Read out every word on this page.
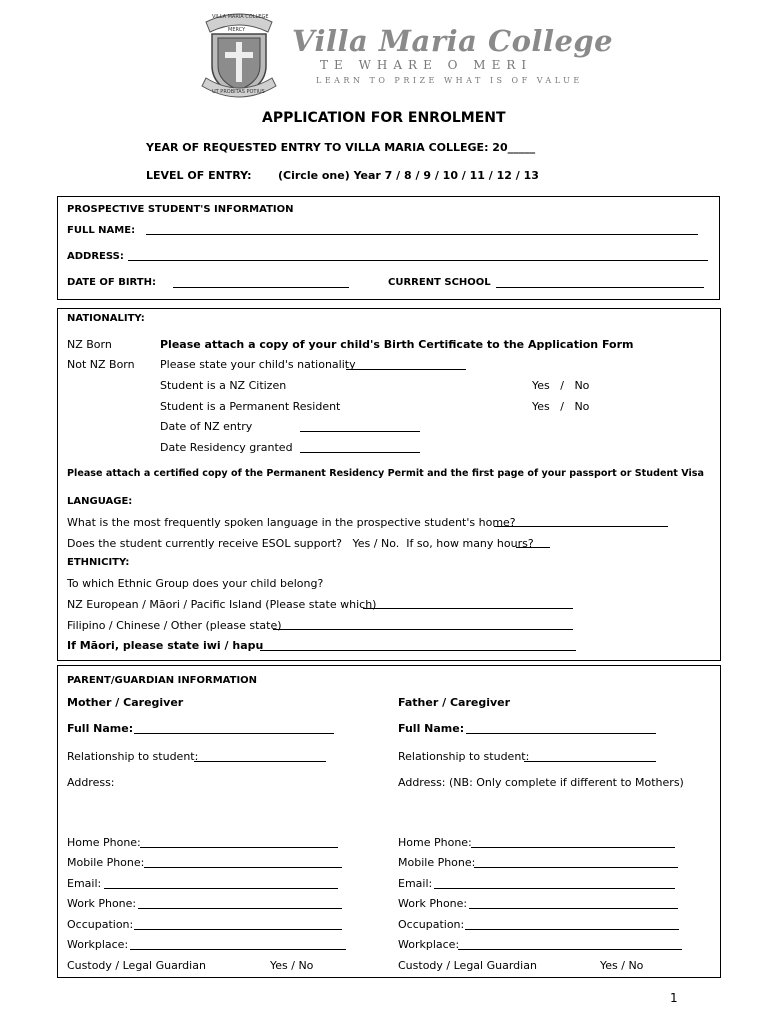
VILLA MARIA COLLEGE
MERCY
UT PROBITAS POTIUS
Villa Maria College
TE WHARE O MERI
LEARN TO PRIZE WHAT IS OF VALUE
APPLICATION FOR ENROLMENT
YEAR OF REQUESTED ENTRY TO VILLA MARIA COLLEGE: 20_____
LEVEL OF ENTRY: (Circle one) Year 7 / 8 / 9 / 10 / 11 / 12 / 13
PROSPECTIVE STUDENT'S INFORMATION
FULL NAME:
ADDRESS:
DATE OF BIRTH:	CURRENT SCHOOL
NATIONALITY:
NZ Born	Please attach a copy of your child's Birth Certificate to the Application Form
Not NZ Born Please state your child's nationality
Student is a NZ Citizen	Yes   /   No
Student is a Permanent Resident	Yes   /   No
Date of NZ entry
Date Residency granted
Please attach a certified copy of the Permanent Residency Permit and the first page of your passport or Student Visa
LANGUAGE:
What is the most frequently spoken language in the prospective student's home?
Does the student currently receive ESOL support?   Yes / No.  If so, how many hours?
ETHNICITY:
To which Ethnic Group does your child belong?
NZ European / Māori / Pacific Island (Please state which)
Filipino / Chinese / Other (please state)
If Māori, please state iwi / hapu
PARENT/GUARDIAN INFORMATION
Mother / Caregiver	Father / Caregiver
Full Name:	Full Name:
Relationship to student:	Relationship to student:
Address:	Address: (NB: Only complete if different to Mothers)
Home Phone:	Home Phone:
Mobile Phone:	Mobile Phone:
Email:	Email:
Work Phone:	Work Phone:
Occupation:	Occupation:
Workplace:	Workplace:
Custody / Legal Guardian	Yes / No	Custody / Legal Guardian	Yes / No
1
